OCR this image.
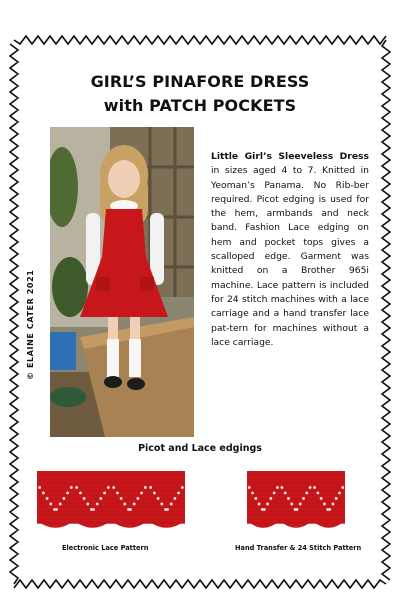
GIRL’S PINAFORE DRESS
with PATCH POCKETS
© ELAINE CATER 2021
Little Girl’s Sleeveless Dress in sizes aged 4 to 7. Knitted in Yeoman’s Panama. No Rib-ber required. Picot edging is used for the hem, armbands and neck band. Fashion Lace edging on hem and pocket tops gives a scalloped edge. Garment was knitted on a Brother 965i machine. Lace pattern is included for 24 stitch machines with a lace carriage and a hand transfer lace pat-tern for machines without a lace carriage.
Picot and Lace edgings
Electronic Lace Pattern	Hand Transfer & 24 Stitch Pattern
